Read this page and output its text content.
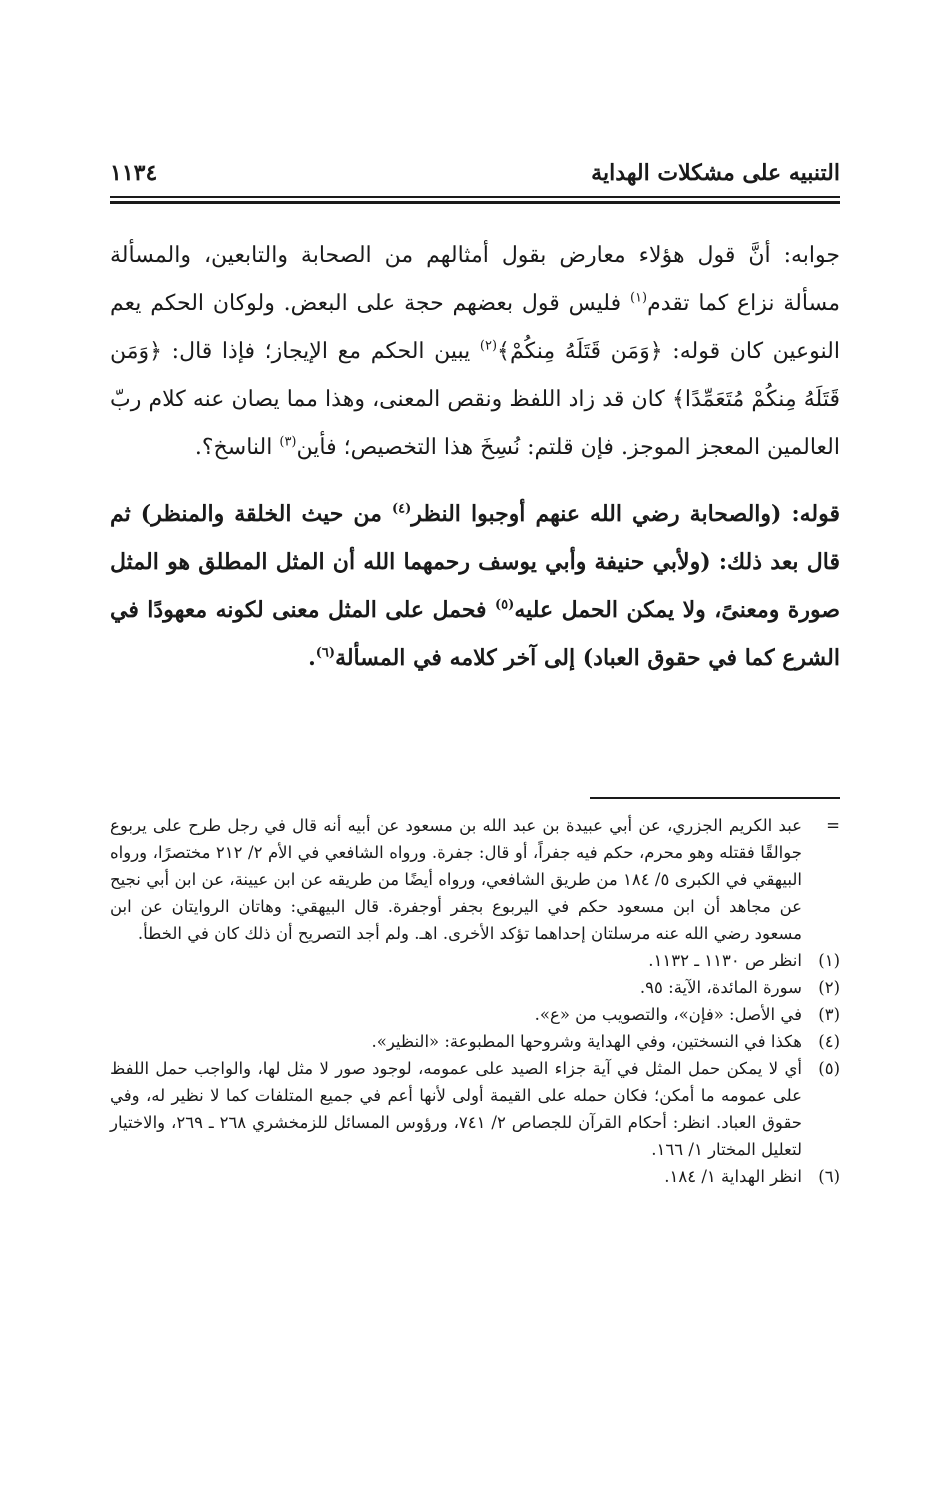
التنبيه على مشكلات الهداية
١١٣٤

جوابه: أنَّ قول هؤلاء معارض بقول أمثالهم من الصحابة والتابعين، والمسألة مسألة نزاع كما تقدم$^{(١)}$ فليس قول بعضهم حجة على البعض. ولوكان الحكم يعم النوعين كان قوله: ﴿وَمَن قَتَلَهُ مِنكُمْ﴾$^{(٢)}$ يبين الحكم مع الإيجاز؛ فإذا قال: ﴿وَمَن قَتَلَهُ مِنكُمْ مُتَعَمِّدًا﴾ كان قد زاد اللفظ ونقص المعنى، وهذا مما يصان عنه كلام ربّ العالمين المعجز الموجز. فإن قلتم: نُسِخَ هذا التخصيص؛ فأين$^{(٣)}$ الناسخ؟.

قوله: (والصحابة رضي الله عنهم أوجبوا النظر$^{(٤)}$ من حيث الخلقة والمنظر) ثم قال بعد ذلك: (ولأبي حنيفة وأبي يوسف رحمهما الله أن المثل المطلق هو المثل صورة ومعنىً، ولا يمكن الحمل عليه$^{(٥)}$ فحمل على المثل معنى لكونه معهودًا في الشرع كما في حقوق العباد) إلى آخر كلامه في المسألة$^{(٦)}$.

=
عبد الكريم الجزري، عن أبي عبيدة بن عبد الله بن مسعود عن أبيه أنه قال في رجل طرح على يربوع جوالقًا فقتله وهو محرم، حكم فيه جفراً، أو قال: جفرة. ورواه الشافعي في الأم ٢/ ٢١٢ مختصرًا، ورواه البيهقي في الكبرى ٥/ ١٨٤ من طريق الشافعي، ورواه أيضًا من طريقه عن ابن عيينة، عن ابن أبي نجيح عن مجاهد أن ابن مسعود حكم في اليربوع بجفر أوجفرة. قال البيهقي: وهاتان الروايتان عن ابن مسعود رضي الله عنه مرسلتان إحداهما تؤكد الأخرى. اهـ. ولم أجد التصريح أن ذلك كان في الخطأ.
(١)
انظر ص ١١٣٠ ـ ١١٣٢.
(٢)
سورة المائدة، الآية: ٩٥.
(٣)
في الأصل: «فإن»، والتصويب من «ع».
(٤)
هكذا في النسختين، وفي الهداية وشروحها المطبوعة: «النظير».
(٥)
أي لا يمكن حمل المثل في آية جزاء الصيد على عمومه، لوجود صور لا مثل لها، والواجب حمل اللفظ على عمومه ما أمكن؛ فكان حمله على القيمة أولى لأنها أعم في جميع المتلفات كما لا نظير له، وفي حقوق العباد. انظر: أحكام القرآن للجصاص ٢/ ٧٤١، ورؤوس المسائل للزمخشري ٢٦٨ ـ ٢٦٩، والاختيار لتعليل المختار ١/ ١٦٦.
(٦)
انظر الهداية ١/ ١٨٤.
